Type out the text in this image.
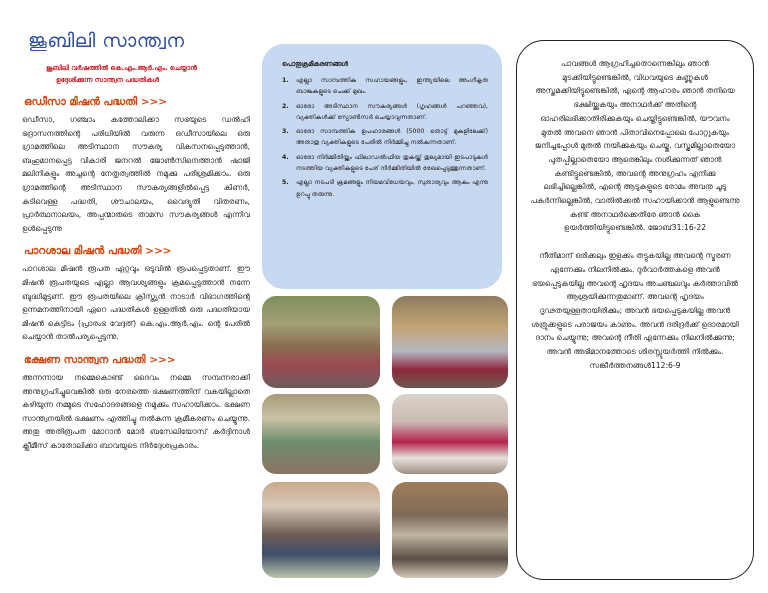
ജൂബിലി സാന്ത്വന
ജൂബിലി വർഷത്തിൽ കെ.എം.ആർ.എം. ചെയ്യാൻ
ഉദ്ദേശിക്കുന്ന സാന്ത്വന പദ്ധതികൾ
ഒഡീസാ മിഷൻ പദ്ധതി >>>
ഒഡീസാ, ഗഞ്ചാം കത്തോലിക്കാ സഭയുടെ ഡൽഹി ഭദ്രാസനത്തിന്റെ പരിധിയിൽ വരുന്ന ഒഡീസായിലെ ഒരു ഗ്രാമത്തിലെ അടിസ്ഥാന സൗകര്യ വികസനപ്പെടുത്താൻ, ബഹുമാനപ്പെട്ട വികാരി ജനറൽ ജോൺസിനെത്താൻ ഷാജി മലിനികളും അച്ചന്റെ നേതൃത്വത്തിൽ നമുക്കു പരിശ്രമിക്കാം. ഒരു ഗ്രാമത്തിന്റെ അടിസ്ഥാന സൗകര്യങ്ങളിൽപ്പെട്ട കിണർ, കുടിവെള്ള പദ്ധതി, ശൗചാലയം, വൈദ്യുതി വിതരണം, പ്രാർത്ഥനാലയം, അപ്പന്മാരുടെ താമസ സൗകര്യങ്ങൾ എന്നിവ ഉൾപ്പെടുന്നു
പാറശാല മിഷൻ പദ്ധതി >>>
പാറശാല മിഷൻ രൂപത ഏറ്റവും ഒടുവിൽ രൂപപ്പെട്ടതാണ്. ഈ മിഷൻ രൂപതയുടെ എല്ലാ ആവശ്യങ്ങളും ക്രമപ്പെടുത്താൻ നന്നേ ബുദ്ധിമുട്ടണ്. ഈ രൂപതയിലെ ക്രിസ്ത്യൻ നാടാർ വിഭാഗത്തിന്റെ ഉന്നമനത്തിനായി ഏറെ പദ്ധതികൾ ഉള്ളതിൽ ഒരു പദ്ധതിയായ മിഷൻ കെട്ടിടം (പ്രാരംഭ വേദ്ദത്) കെ.എം.ആർ.എം. ന്റെ പേരിൽ ചെയ്യാൻ താൽപര്യപ്പെടുന്നു.
ഭക്ഷണ സാന്ത്വന പദ്ധതി >>>
അന്നന്നായ നമ്മെകൊണ്ട് ദൈവം നമ്മെ സമ്പന്നരാക്കി അനുഗ്രഹിച്ചുവെങ്കിൽ ഒരു നേരത്തെ ഭക്ഷണത്തിന് വകയില്ലാതെ കഴിയുന്ന നമ്മുടെ സഹോദരങ്ങളെ നമുക്കും സഹായിക്കാം. ഭക്ഷണ സാന്ത്വനയിൽ ഭക്ഷണം എത്തിച്ചു നൽകുന്ന ക്രമീകരണം ചെയ്യുന്നു. അതു അതിരൂപത മോറാൻ മോർ ബസേലിയോസ് കർദ്ദിനാൾ ക്ലീമീസ് കാതോലിക്കാ ബാവയുടെ നിർദ്ദേശപ്രകാരം.
പൊതുക്രമീകരണങ്ങൾ
1.	എല്ലാ സാമ്പത്തിക സഹായങ്ങളും, ഇന്ത്യയിലെ അംഗീകൃത ബാങ്കുകളുടെ ചെക്ക് മുഖം.
2.	ഓരോ അടിസ്ഥാന സൗകര്യങ്ങൾ (ഗൃഹങ്ങൾ പറഞ്ഞവ), വ്യക്തികൾക്ക് സ്പോൺസർ ചെയ്യാവുന്നതാണ്.
3.	ഓരോ സാമ്പത്തിക ഉപഹാരങ്ങൾ (5000 തൊട്ട് മുകളിലേക്ക്) അതാതു വ്യക്തികളുടെ പേരിൽ നിർമ്മിച്ചു നൽകുന്നതാണ്.
4.	ഓരോ നിർമ്മിതിയ്ക്കും ഫിലാഡൽഫിയ തുകയ്ക്ക് തുല്യമായി ഇടപാടുകൾ നടത്തിയ വ്യക്തികളുടെ പേര് നിർമ്മിതിയിൽ രേഖപ്പെടുത്തുന്നതാണ്.
5.	എല്ലാ നടപടി ക്രമങ്ങളും നിയമവിധേയവും, സുതാര്യവും ആകും എന്നു ഉറപ്പു തരുന്നു.
പാവങ്ങൾ ആഗ്രഹിച്ചതൊന്നെങ്കിലും ഞാൻ മുടക്കിയിട്ടുണ്ടെങ്കിൽ, വിധവയുടെ കണ്ണുകൾ അസ്തമക്കിയിട്ടുണ്ടെങ്കിൽ, എന്റെ ആഹാരം ഞാൻ തനിയെ ഭക്ഷിയ്ക്കുകയും അനാഥർക്ക് അതിന്റെ ഓഹരിലഭിക്കാതിരിക്കുകയും ചെയ്തിട്ടുണ്ടെങ്കിൽ, യൗവനം മുതൽ അവനെ ഞാൻ പിതാവിനെപ്പോലെ പോറ്റുകയും ജനിച്ചപ്പോൾ മുതൽ നയിക്കുകയും ചെയ്തു. വസ്ത്രമില്ലാതെയോ പുതപ്പില്ലാതെയോ ആരെങ്കിലും നശിക്കുന്നത് ഞാൻ കണ്ടിട്ടുണ്ടെങ്കിൽ, അവന്റെ അനുഗ്രഹം എനിക്കു ലഭിച്ചില്ലെങ്കിൽ, എന്റെ ആടുകളുടെ രോമം അവനു ചൂടു പകർന്നില്ലെങ്കിൽ, വാതിൽക്കൽ സഹായിക്കാൻ ആളുണ്ടെന്നു കണ്ട് അനാഥർക്കെതിരേ ഞാൻ കൈ ഉയർത്തിയിട്ടുണ്ടെങ്കിൽ. ജോബ്31:16-22
നീതിമാന് ഒരിക്കലും ഇളക്കം തട്ടുകയില്ല അവന്റെ സ്മരണ എന്നേക്കും നിലനിൽക്കും. ദുർവാർത്തകളെ അവൻ ഭയപ്പെടുകയില്ല അവന്റെ ഹൃദയം അചഞ്ചലവും കർത്താവിൽ ആശ്രയിക്കുന്നതുമാണ്. അവന്റെ ഹൃദയം ദൃഢതയുള്ളതായിരിക്കും; അവൻ ഭയപ്പെടുകയില്ല അവൻ ശത്രുക്കളുടെ പരാജയം കാണും. അവൻ ദരിദ്രർക്ക് ഉദാരമായി ദാനം ചെയ്യുന്നു; അവന്റെ നീതി എന്നേക്കും നിലനിൽക്കുന്നു; അവൻ അഭിമാനത്തോടെ ശിരസ്സുയർത്തി നിൽക്കും. സങ്കീർത്തനങ്ങൾ112:6-9
